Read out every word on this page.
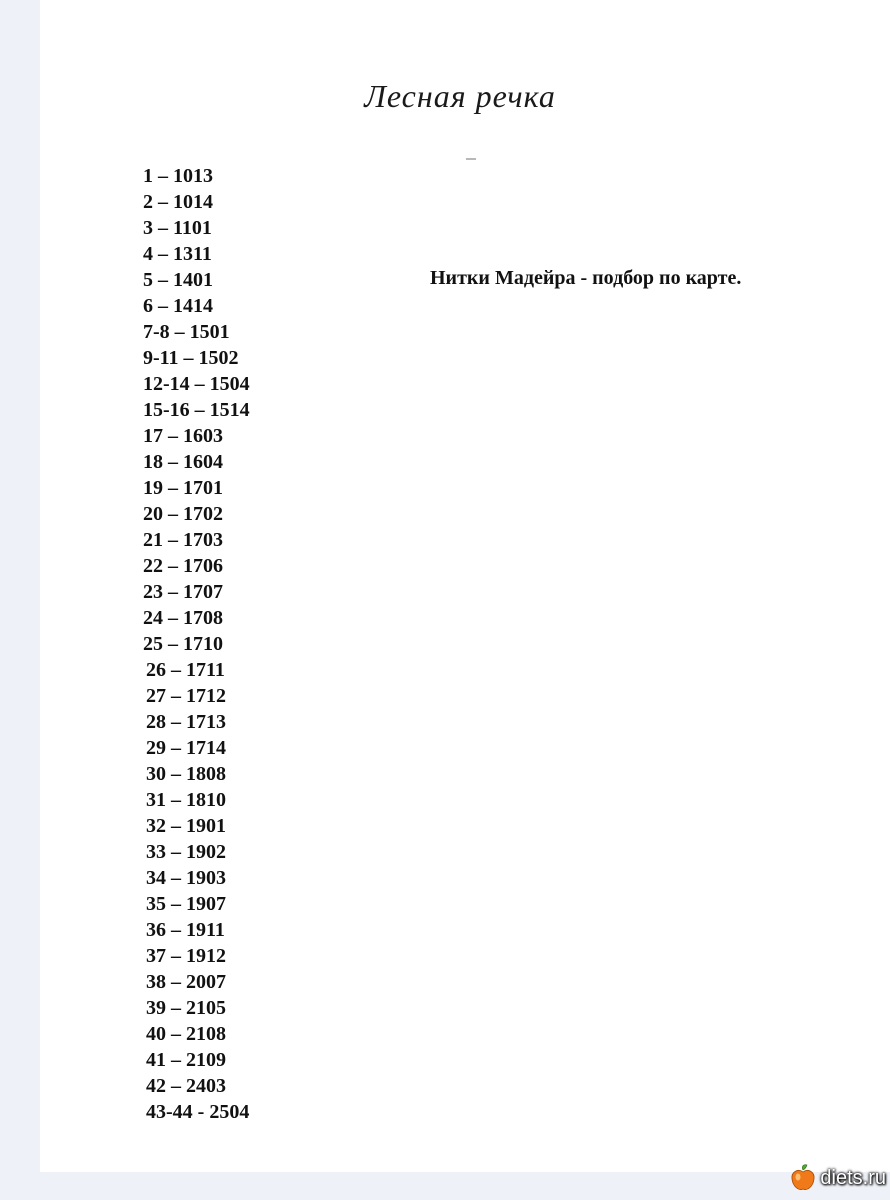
Лесная речка
1 – 1013
2 – 1014
3 – 1101
4 – 1311
5 – 1401
6 – 1414
7-8 – 1501
9-11 – 1502
12-14 – 1504
15-16 – 1514
17 – 1603
18 – 1604
19 – 1701
20 – 1702
21 – 1703
22 – 1706
23 – 1707
24 – 1708
25 – 1710
26 – 1711
27 – 1712
28 – 1713
29 – 1714
30 – 1808
31 – 1810
32 – 1901
33 – 1902
34 – 1903
35 – 1907
36 – 1911
37 – 1912
38 – 2007
39 – 2105
40 – 2108
41 – 2109
42 – 2403
43-44 - 2504
Нитки Мадейра - подбор по карте.
diets.ru
